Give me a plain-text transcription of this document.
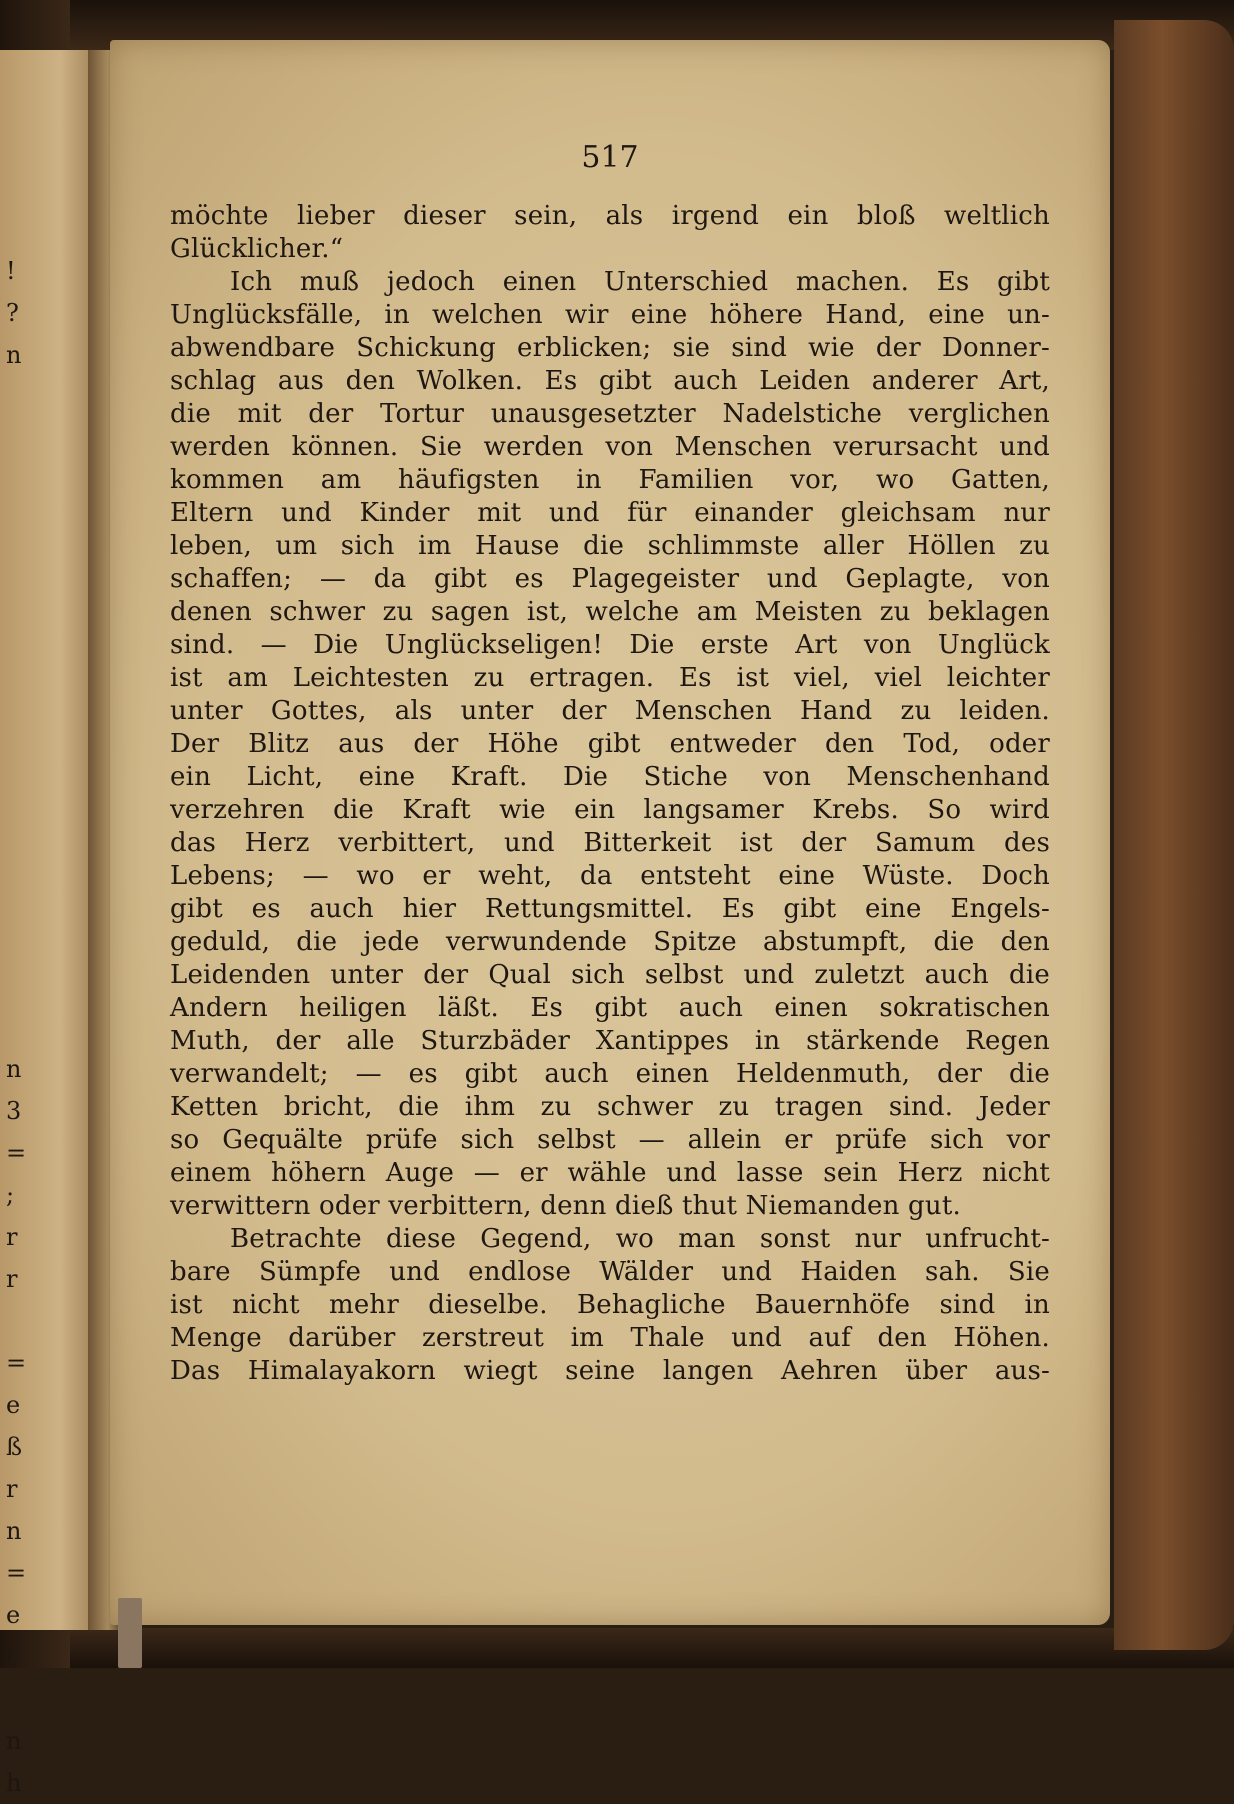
!
?
n
n
3
=
;
r
r
=
e
ß
r
n
=
e
t
n
h
517
möchte lieber dieser sein, als irgend ein bloß weltlich
Glücklicher.“
Ich muß jedoch einen Unterschied machen. Es gibt
Unglücksfälle, in welchen wir eine höhere Hand, eine un-
abwendbare Schickung erblicken; sie sind wie der Donner-
schlag aus den Wolken. Es gibt auch Leiden anderer Art,
die mit der Tortur unausgesetzter Nadelstiche verglichen
werden können. Sie werden von Menschen verursacht und
kommen am häufigsten in Familien vor, wo Gatten,
Eltern und Kinder mit und für einander gleichsam nur
leben, um sich im Hause die schlimmste aller Höllen zu
schaffen; — da gibt es Plagegeister und Geplagte, von
denen schwer zu sagen ist, welche am Meisten zu beklagen
sind. — Die Unglückseligen! Die erste Art von Unglück
ist am Leichtesten zu ertragen. Es ist viel, viel leichter
unter Gottes, als unter der Menschen Hand zu leiden.
Der Blitz aus der Höhe gibt entweder den Tod, oder
ein Licht, eine Kraft. Die Stiche von Menschenhand
verzehren die Kraft wie ein langsamer Krebs. So wird
das Herz verbittert, und Bitterkeit ist der Samum des
Lebens; — wo er weht, da entsteht eine Wüste. Doch
gibt es auch hier Rettungsmittel. Es gibt eine Engels-
geduld, die jede verwundende Spitze abstumpft, die den
Leidenden unter der Qual sich selbst und zuletzt auch die
Andern heiligen läßt. Es gibt auch einen sokratischen
Muth, der alle Sturzbäder Xantippes in stärkende Regen
verwandelt; — es gibt auch einen Heldenmuth, der die
Ketten bricht, die ihm zu schwer zu tragen sind. Jeder
so Gequälte prüfe sich selbst — allein er prüfe sich vor
einem höhern Auge — er wähle und lasse sein Herz nicht
verwittern oder verbittern, denn dieß thut Niemanden gut.
Betrachte diese Gegend, wo man sonst nur unfrucht-
bare Sümpfe und endlose Wälder und Haiden sah. Sie
ist nicht mehr dieselbe. Behagliche Bauernhöfe sind in
Menge darüber zerstreut im Thale und auf den Höhen.
Das Himalayakorn wiegt seine langen Aehren über aus-
